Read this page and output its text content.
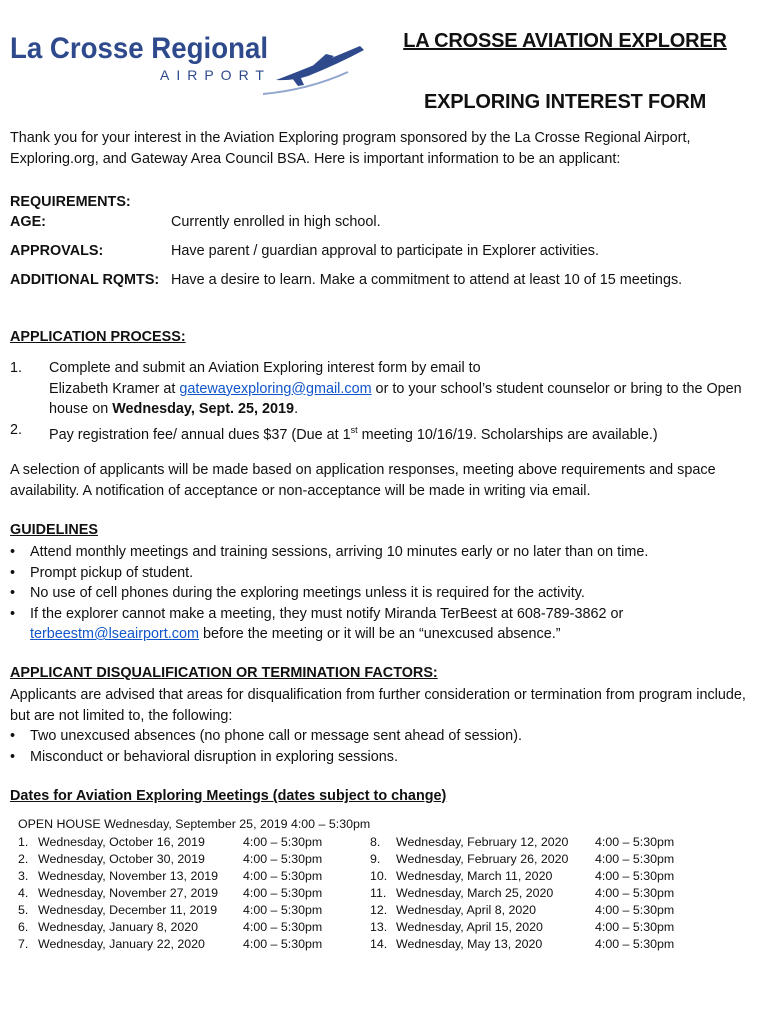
La Crosse Regional
AIRPORT
LA CROSSE AVIATION EXPLORER
EXPLORING INTEREST FORM
Thank you for your interest in the Aviation Exploring program sponsored by the La Crosse Regional Airport, Exploring.org, and Gateway Area Council BSA. Here is important information to be an applicant:
REQUIREMENTS:
AGE:	Currently enrolled in high school.
APPROVALS:	Have parent / guardian approval to participate in Explorer activities.
ADDITIONAL RQMTS: Have a desire to learn. Make a commitment to attend at least 10 of 15 meetings.
APPLICATION PROCESS:
1. Complete and submit an Aviation Exploring interest form by email to
Elizabeth Kramer at gatewayexploring@gmail.com or to your school’s student counselor or bring to the Open house on Wednesday, Sept. 25, 2019.
2. Pay registration fee/ annual dues $37 (Due at 1st meeting 10/16/19. Scholarships are available.)
A selection of applicants will be made based on application responses, meeting above requirements and space availability. A notification of acceptance or non-acceptance will be made in writing via email.
GUIDELINES
• Attend monthly meetings and training sessions, arriving 10 minutes early or no later than on time.
• Prompt pickup of student.
• No use of cell phones during the exploring meetings unless it is required for the activity.
• If the explorer cannot make a meeting, they must notify Miranda TerBeest at 608-789-3862 or terbeestm@lseairport.com before the meeting or it will be an “unexcused absence.”
APPLICANT DISQUALIFICATION OR TERMINATION FACTORS:
Applicants are advised that areas for disqualification from further consideration or termination from program include, but are not limited to, the following:
• Two unexcused absences (no phone call or message sent ahead of session).
• Misconduct or behavioral disruption in exploring sessions.
Dates for Aviation Exploring Meetings (dates subject to change)
OPEN HOUSE Wednesday, September 25, 2019 4:00 – 5:30pm
1. Wednesday, October 16, 2019	4:00 – 5:30pm
2. Wednesday, October 30, 2019	4:00 – 5:30pm
3. Wednesday, November 13, 2019 4:00 – 5:30pm
4. Wednesday, November 27, 2019 4:00 – 5:30pm
5. Wednesday, December 11, 2019 4:00 – 5:30pm
6. Wednesday, January 8, 2020	4:00 – 5:30pm
7. Wednesday, January 22, 2020	4:00 – 5:30pm
8. Wednesday, February 12, 2020 4:00 – 5:30pm
9. Wednesday, February 26, 2020 4:00 – 5:30pm
10. Wednesday, March 11, 2020	4:00 – 5:30pm
11. Wednesday, March 25, 2020	4:00 – 5:30pm
12. Wednesday, April 8, 2020	4:00 – 5:30pm
13. Wednesday, April 15, 2020	4:00 – 5:30pm
14. Wednesday, May 13, 2020	4:00 – 5:30pm
